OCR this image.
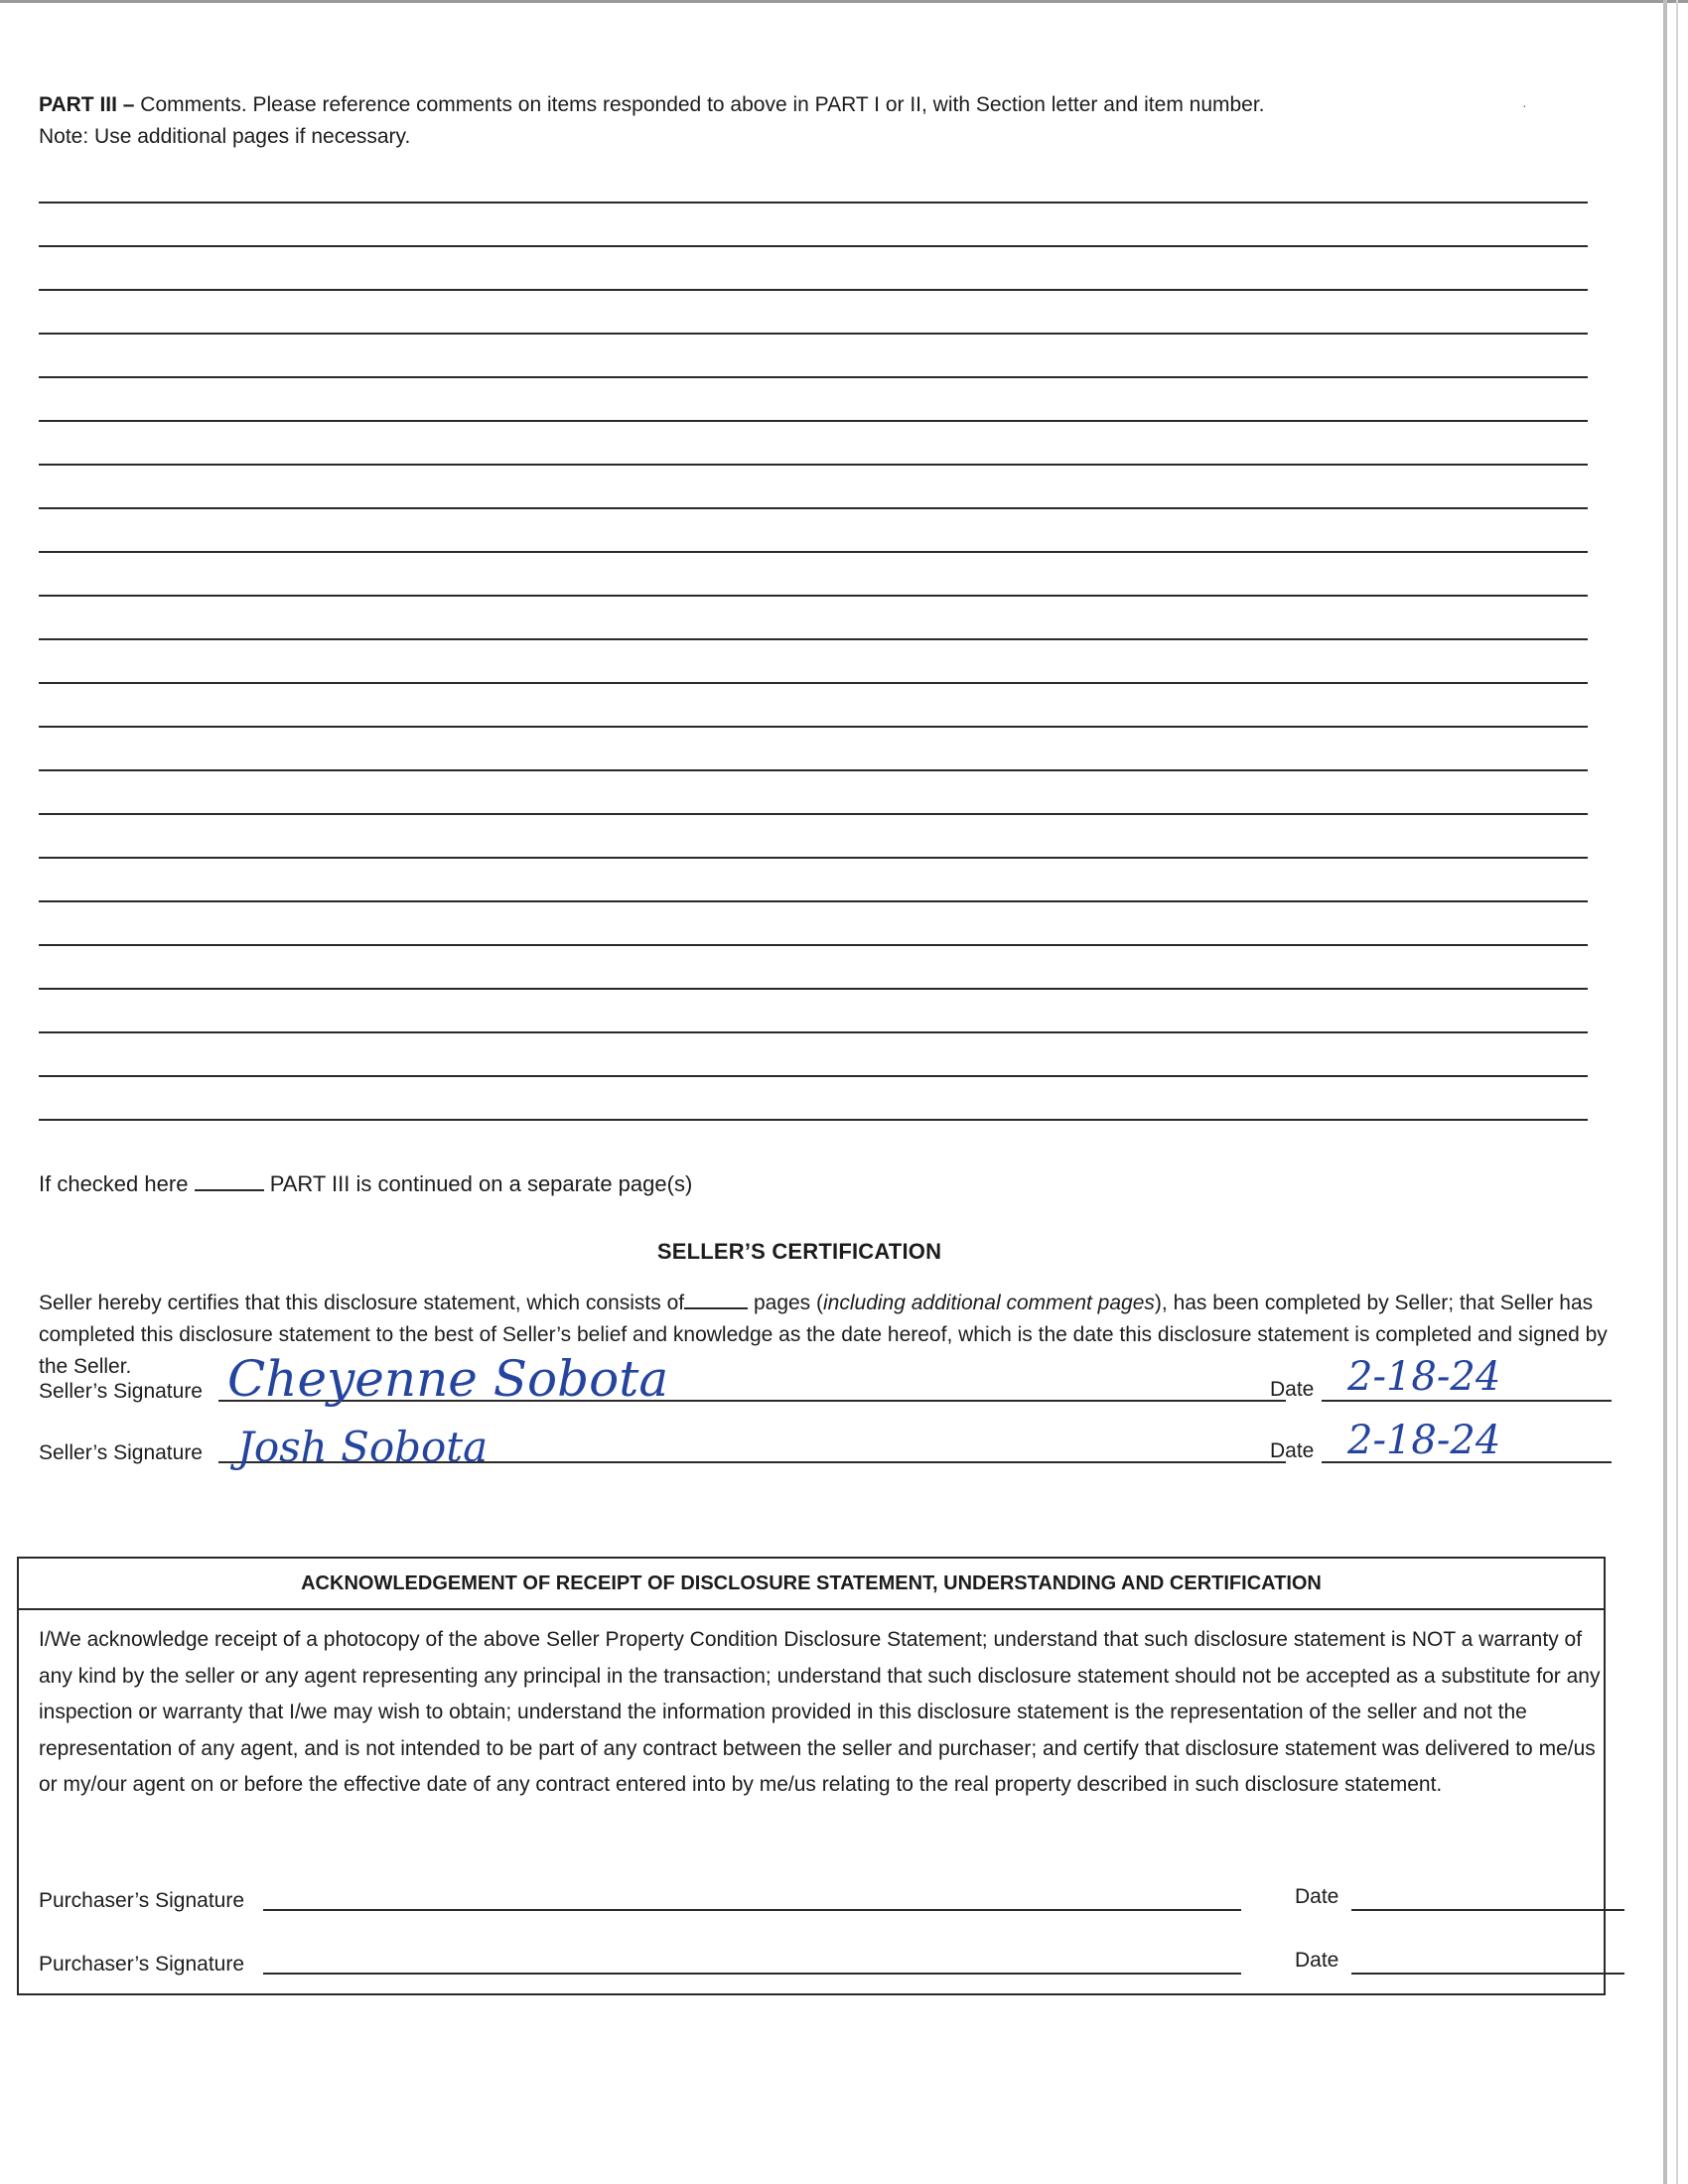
·
PART III – Comments. Please reference comments on items responded to above in PART I or II, with Section letter and item number.
Note: Use additional pages if necessary.
If checked here	PART III is continued on a separate page(s)
SELLER’S CERTIFICATION
Seller hereby certifies that this disclosure statement, which consists of	pages (including additional comment pages), has been completed by Seller; that Seller has completed this disclosure statement to the best of Seller’s belief and knowledge as the date hereof, which is the date this disclosure statement is completed and signed by the Seller.
Seller’s Signature Cheyenne Sobota	Date 2-18-24
Seller’s Signature Josh Sobota	Date 2-18-24
ACKNOWLEDGEMENT OF RECEIPT OF DISCLOSURE STATEMENT, UNDERSTANDING AND CERTIFICATION
I/We acknowledge receipt of a photocopy of the above Seller Property Condition Disclosure Statement; understand that such disclosure statement is NOT a warranty of any kind by the seller or any agent representing any principal in the transaction; understand that such disclosure statement should not be accepted as a substitute for any inspection or warranty that I/we may wish to obtain; understand the information provided in this disclosure statement is the representation of the seller and not the representation of any agent, and is not intended to be part of any contract between the seller and purchaser; and certify that disclosure statement was delivered to me/us or my/our agent on or before the effective date of any contract entered into by me/us relating to the real property described in such disclosure statement.
Purchaser’s Signature	Date
Purchaser’s Signature	Date
